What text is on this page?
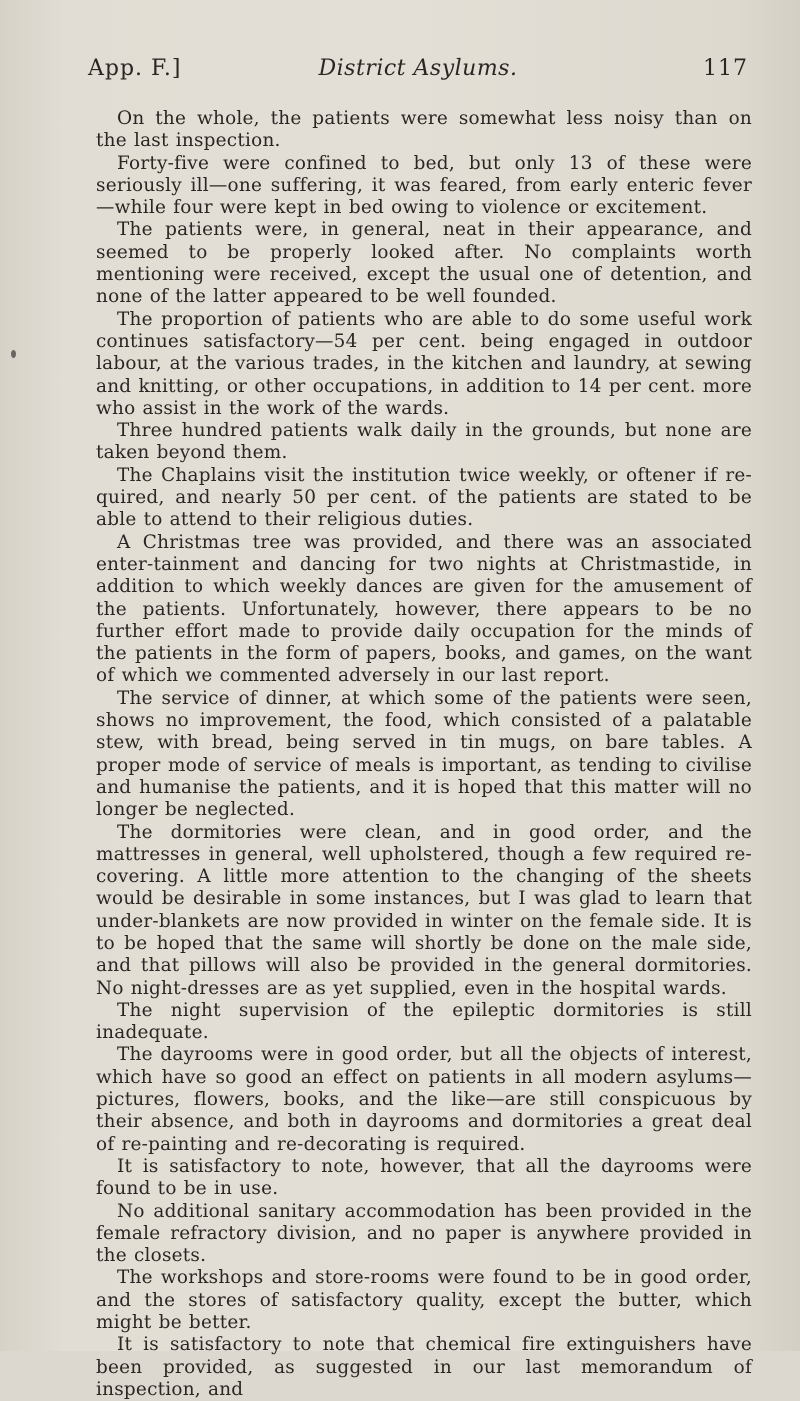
App. F.]	District Asylums.	117

On the whole, the patients were somewhat less noisy than on the last inspection.

Forty-five were confined to bed, but only 13 of these were seriously ill—one suffering, it was feared, from early enteric fever—while four were kept in bed owing to violence or excitement.

The patients were, in general, neat in their appearance, and seemed to be properly looked after. No complaints worth mentioning were received, except the usual one of detention, and none of the latter appeared to be well founded.

The proportion of patients who are able to do some useful work continues satisfactory—54 per cent. being engaged in outdoor labour, at the various trades, in the kitchen and laundry, at sewing and knitting, or other occupations, in addition to 14 per cent. more who assist in the work of the wards.

Three hundred patients walk daily in the grounds, but none are taken beyond them.

The Chaplains visit the institution twice weekly, or oftener if re-quired, and nearly 50 per cent. of the patients are stated to be able to attend to their religious duties.

A Christmas tree was provided, and there was an associated enter-tainment and dancing for two nights at Christmastide, in addition to which weekly dances are given for the amusement of the patients. Unfortunately, however, there appears to be no further effort made to provide daily occupation for the minds of the patients in the form of papers, books, and games, on the want of which we commented adversely in our last report.

The service of dinner, at which some of the patients were seen, shows no improvement, the food, which consisted of a palatable stew, with bread, being served in tin mugs, on bare tables. A proper mode of service of meals is important, as tending to civilise and humanise the patients, and it is hoped that this matter will no longer be neglected.

The dormitories were clean, and in good order, and the mattresses in general, well upholstered, though a few required re-covering. A little more attention to the changing of the sheets would be desirable in some instances, but I was glad to learn that under-blankets are now provided in winter on the female side. It is to be hoped that the same will shortly be done on the male side, and that pillows will also be provided in the general dormitories. No night-dresses are as yet supplied, even in the hospital wards.

The night supervision of the epileptic dormitories is still inadequate.

The dayrooms were in good order, but all the objects of interest, which have so good an effect on patients in all modern asylums—pictures, flowers, books, and the like—are still conspicuous by their absence, and both in dayrooms and dormitories a great deal of re-painting and re-decorating is required.

It is satisfactory to note, however, that all the dayrooms were found to be in use.

No additional sanitary accommodation has been provided in the female refractory division, and no paper is anywhere provided in the closets.

The workshops and store-rooms were found to be in good order, and the stores of satisfactory quality, except the butter, which might be better.

It is satisfactory to note that chemical fire extinguishers have been provided, as suggested in our last memorandum of inspection, and
